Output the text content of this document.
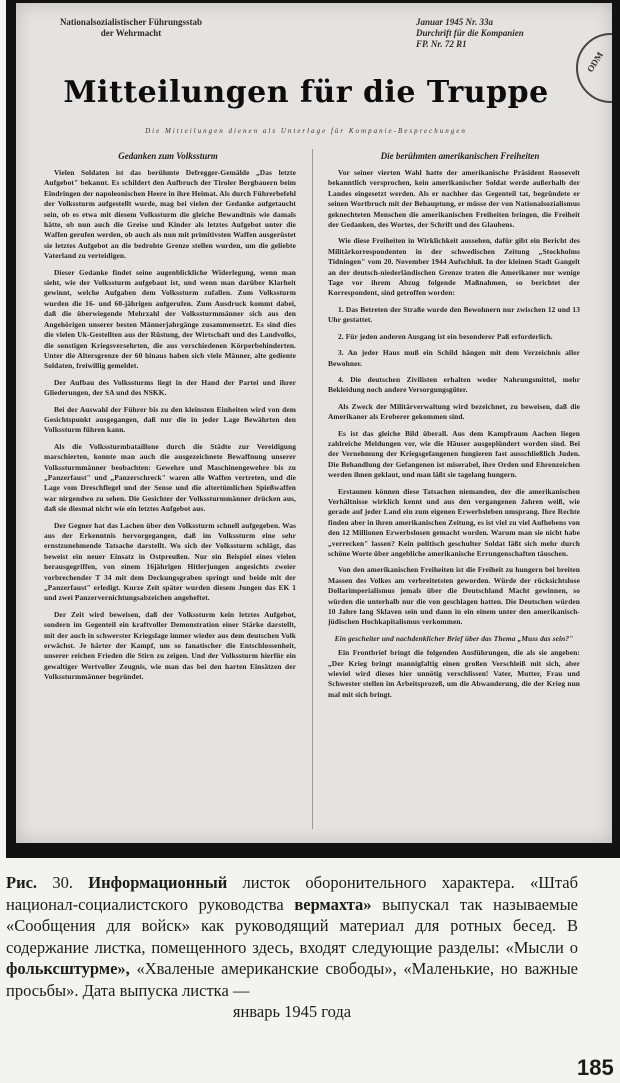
Nationalsozialistischer Führungsstab
der Wehrmacht
Januar 1945 Nr. 33a
Durchrift für die Kompanien
FP. Nr. 72 R1
ODM
Mitteilungen für die Truppe
Die Mitteilungen dienen als Unterlage für Kompanie-Besprechungen
Gedanken zum Volkssturm

Vielen Soldaten ist das berühmte Defregger-Gemälde „Das letzte Aufgebot" bekannt. Es schildert den Aufbruch der Tiroler Bergbauern beim Eindringen der napoleonischen Heere in ihre Heimat. Als durch Führerbefehl der Volkssturm aufgestellt wurde, mag bei vielen der Gedanke aufgetaucht sein, ob es etwa mit diesem Volkssturm die gleiche Bewandtnis wie damals hätte, ob nun auch die Greise und Kinder als letztes Aufgebot unter die Waffen gerufen werden, ob auch als nun mit primitivsten Waffen ausgerüstet sie letztes Aufgebot an die bedrohte Grenze stellen wurden, um die geliebte Vaterland zu verteidigen.

Dieser Gedanke findet seine augenblickliche Widerlegung, wenn man sieht, wie der Volkssturm aufgebaut ist, und wenn man darüber Klarheit gewinnt, welche Aufgaben dem Volkssturm zufallen. Zum Volkssturm wurden die 16- und 60-jährigen aufgerufen. Zum Ausdruck kommt dabei, daß die überwiegende Mehrzahl der Volkssturmmänner sich aus den Angehörigen unserer besten Männerjahrgänge zusammensetzt. Es sind dies die vielen Uk-Gestellten aus der Rüstung, der Wirtschaft und des Landvolks, die sonstigen Kriegsversehrten, die aus verschiedenen Körperbehinderten. Unter die Altersgrenze der 60 hinaus haben sich viele Männer, alte gediente Soldaten, freiwillig gemeldet.

Der Aufbau des Volkssturms liegt in der Hand der Partei und ihrer Gliederungen, der SA und des NSKK.

Bei der Auswahl der Führer bis zu den kleinsten Einheiten wird von dem Gesichtspunkt ausgegangen, daß nur die in jeder Lage Bewährten den Volkssturm führen kann.

Als die Volkssturmbataillone durch die Städte zur Vereidigung marschierten, konnte man auch die ausgezeichnete Bewaffnung unserer Volkssturmmänner beobachten: Gewehre und Maschinengewehre bis zu „Panzerfaust" und „Panzerschreck" waren alle Waffen vertreten, und die Lage vom Dreschflegel und der Sense und die altertümlichen Spießwaffen war nirgendwo zu sehen. Die Gesichter der Volkssturmmänner drücken aus, daß sie diesmal nicht wie ein letztes Aufgebot aus.

Der Gegner hat das Lachen über den Volkssturm schnell aufgegeben. Was aus der Erkenntnis hervorgegangen, daß im Volkssturm eine sehr ernstzunehmende Tatsache darstellt. Wo sich der Volkssturm schlägt, das beweist ein neuer Einsatz in Ostpreußen. Nur ein Beispiel eines vielen herausgegriffen, von einem 16jährigen Hitlerjungen angesichts zweier vorbrechender T 34 mit dem Deckungsgraben springt und beide mit der „Panzerfaust" erledigt. Kurze Zeit später wurden diesem Jungen das EK 1 und zwei Panzervernichtungsabzeichen angeheftet.

Der Zeit wird beweisen, daß der Volkssturm kein letztes Aufgebot, sondern im Gegenteil ein kraftvoller Demonstration einer Stärke darstellt, mit der auch in schwerster Kriegslage immer wieder aus dem deutschen Volk erwächst. Je härter der Kampf, um so fanatischer die Entschlossenheit, unserer reichen Frieden die Stirn zu zeigen. Und der Volkssturm hierfür ein gewaltiger Wertvoller Zeugnis, wie man das bei den harten Einsätzen der Volkssturmmänner begründet.

Die berühmten amerikanischen Freiheiten

Vor seiner vierten Wahl hatte der amerikanische Präsident Roosevelt bekanntlich versprochen, kein amerikanischer Soldat werde außerhalb der Landes eingesetzt werden. Als er nachher das Gegenteil tat, begründete er seinen Wortbruch mit der Behauptung, er müsse der von Nationalsozialismus geknechteten Menschen die amerikanischen Freiheiten bringen, die Freiheit der Gedanken, des Wortes, der Schrift und des Glaubens.

Wie diese Freiheiten in Wirklichkeit aussehen, dafür gibt ein Bericht des Militärkorrespondenten in der schwedischen Zeitung „Stockholms Tidningen" vom 20. November 1944 Aufschluß. In der kleinen Stadt Gangelt an der deutsch-niederländischen Grenze traten die Amerikaner nur wenige Tage vor ihrem Abzug folgende Maßnahmen, so berichtet der Korrespondent, sind getroffen worden:

1. Das Betreten der Straße wurde den Bewohnern nur zwischen 12 und 13 Uhr gestattet.

2. Für jeden anderen Ausgang ist ein besonderer Paß erforderlich.

3. An jeder Haus muß ein Schild hängen mit dem Verzeichnis aller Bewohner.

4. Die deutschen Zivilisten erhalten weder Nahrungsmittel, mehr Bekleidung noch andere Versorgungsgüter.

Als Zweck der Militärverwaltung wird bezeichnet, zu beweisen, daß die Amerikaner als Eroberer gekommen sind.

Es ist das gleiche Bild überall. Aus dem Kampfraum Aachen liegen zahlreiche Meldungen vor, wie die Häuser ausgeplündert worden sind. Bei der Vernehmung der Kriegsgefangenen fungieren fast ausschließlich Juden. Die Behandlung der Gefangenen ist miserabel, ihre Orden und Ehrenzeichen werden ihnen geklaut, und man läßt sie tagelang hungern.

Erstaunen können diese Tatsachen niemanden, der die amerikanischen Verhältnisse wirklich kennt und aus den vergangenen Jahren weiß, wie gerade auf jeder Land ein zum eigenen Erwerbsleben umsprang. Ihre Rechte finden aber in ihren amerikanischen Zeitung, es ist viel zu viel Aufhebens von den 12 Millionen Erwerbslosen gemacht worden. Warum man sie nicht habe „verrecken" lassen? Kein politisch geschulter Soldat läßt sich mehr durch schöne Worte über angebliche amerikanische Errungenschaften täuschen.

Von den amerikanischen Freiheiten ist die Freiheit zu hungern bei breiten Massen des Volkes am verbreitetsten geworden. Würde der rücksichtslose Dollarimperialismus jemals über die Deutschland Macht gewinnen, so würden die unterhalb nur die von geschlagen hatten. Die Deutschen würden 10 Jahre lang Sklaven sein und dann in ein einem unter den amerikanisch-jüdischen Hochkapitalismus verkommen.

Ein gescheiter und nachdenklicher Brief über das Thema „Muss das sein?"

Ein Frontbrief bringt die folgenden Ausführungen, die als sie angeben: „Der Krieg bringt mannigfaltig einen großen Verschleiß mit sich, aber wieviel wird dieses hier unnötig verschlissen! Vater, Mutter, Frau und Schwester stellen im Arbeitsprozeß, um die Abwanderung, die der Krieg nun mal mit sich bringt.

Рис. 30. Информационный листок оборонительного характера. «Штаб национал-социалистского руководства вермахта» выпускал так называемые «Сообщения для войск» как руководящий материал для ротных бесед. В содержание листка, помещенного здесь, входят следующие разделы: «Мысли о фольксштурме», «Хваленые американские свободы», «Маленькие, но важные просьбы». Дата выпуска листка —
январь 1945 года
185
